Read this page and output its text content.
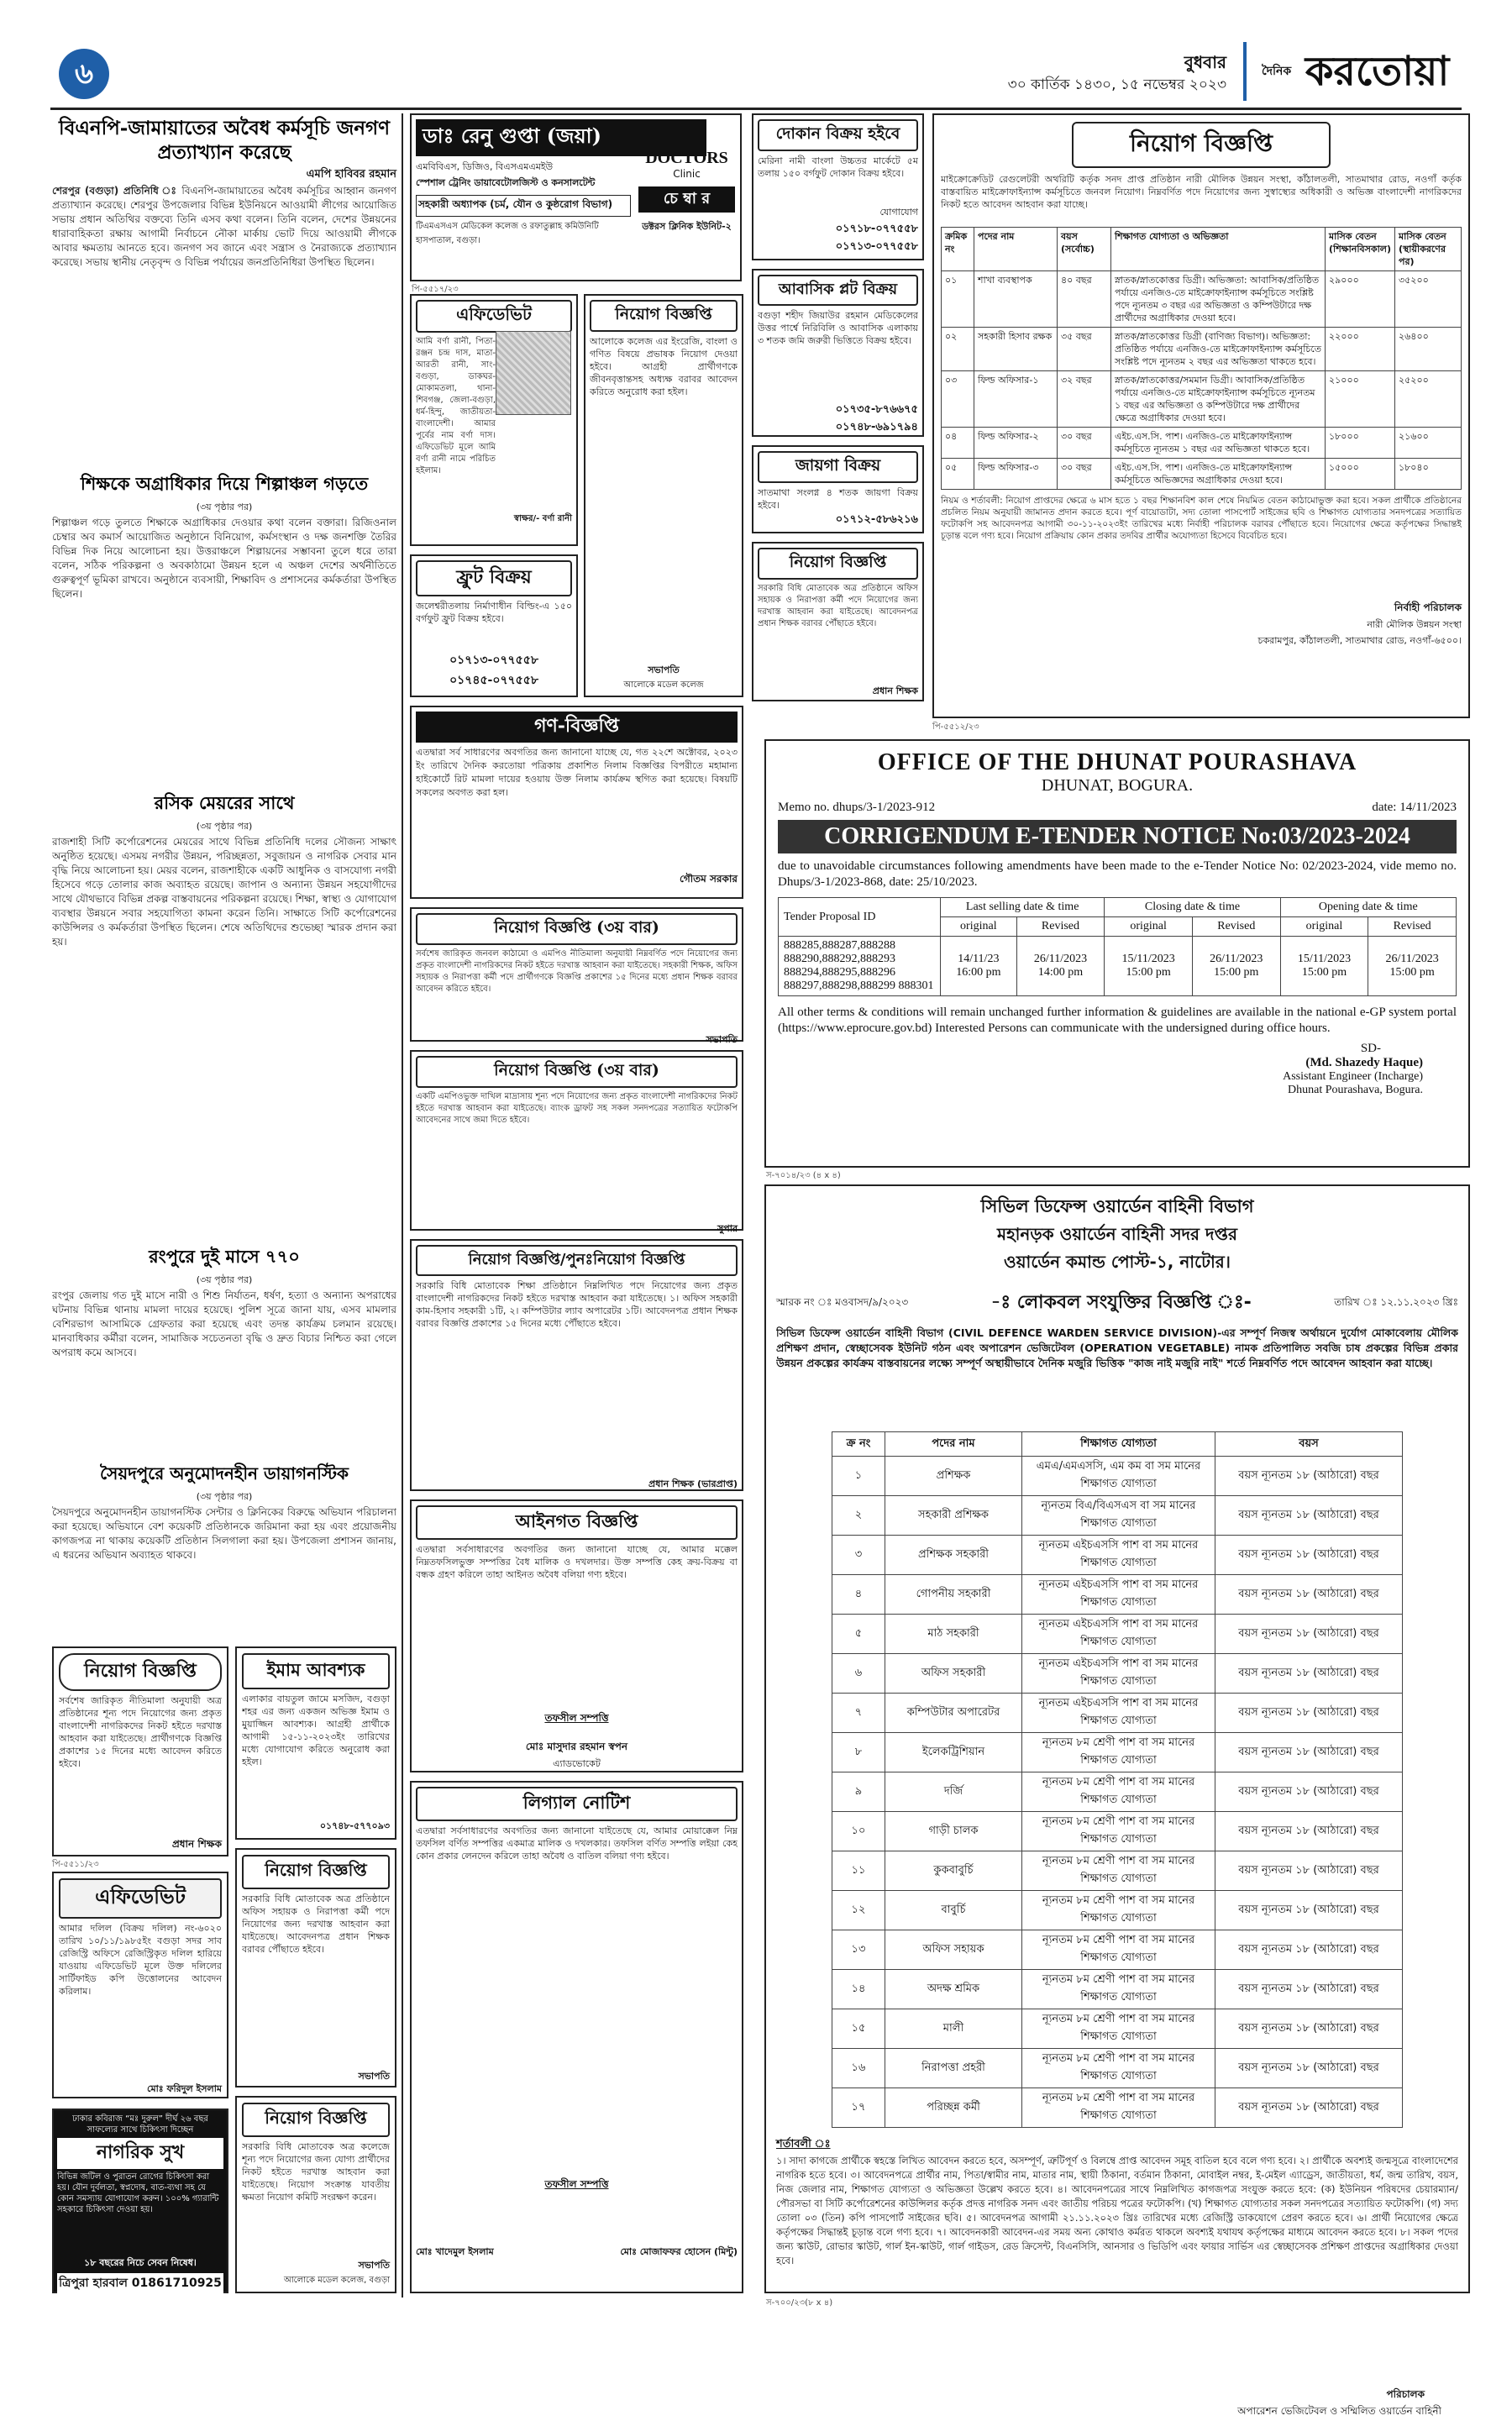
৬	বুধবার
৩০ কার্তিক ১৪৩০, ১৫ নভেম্বর ২০২৩
$^{দৈনিক}$ করতোয়া
বিএনপি-জামায়াতের অবৈধ কর্মসূচি জনগণ প্রত্যাখ্যান করেছে
এমপি হাবিবর রহমান
শেরপুর (বগুড়া) প্রতিনিধি ঃ বিএনপি-জামায়াতের অবৈধ কর্মসূচির আহ্বান জনগণ প্রত্যাখ্যান করেছে। শেরপুর উপজেলার বিভিন্ন ইউনিয়নে আওয়ামী লীগের আয়োজিত সভায় প্রধান অতিথির বক্তব্যে তিনি এসব কথা বলেন। তিনি বলেন, দেশের উন্নয়নের ধারাবাহিকতা রক্ষায় আগামী নির্বাচনে নৌকা মার্কায় ভোট দিয়ে আওয়ামী লীগকে আবার ক্ষমতায় আনতে হবে। জনগণ সব জানে এবং সন্ত্রাস ও নৈরাজ্যকে প্রত্যাখ্যান করেছে। সভায় স্থানীয় নেতৃবৃন্দ ও বিভিন্ন পর্যায়ের জনপ্রতিনিধিরা উপস্থিত ছিলেন।
শিক্ষকে অগ্রাধিকার দিয়ে শিল্পাঞ্চল গড়তে
(৩য় পৃষ্ঠার পর)
শিল্পাঞ্চল গড়ে তুলতে শিক্ষাকে অগ্রাধিকার দেওয়ার কথা বলেন বক্তারা। রিজিওনাল চেম্বার অব কমার্স আয়োজিত অনুষ্ঠানে বিনিয়োগ, কর্মসংস্থান ও দক্ষ জনশক্তি তৈরির বিভিন্ন দিক নিয়ে আলোচনা হয়। উত্তরাঞ্চলে শিল্পায়নের সম্ভাবনা তুলে ধরে তারা বলেন, সঠিক পরিকল্পনা ও অবকাঠামো উন্নয়ন হলে এ অঞ্চল দেশের অর্থনীতিতে গুরুত্বপূর্ণ ভূমিকা রাখবে। অনুষ্ঠানে ব্যবসায়ী, শিক্ষাবিদ ও প্রশাসনের কর্মকর্তারা উপস্থিত ছিলেন।
রসিক মেয়রের সাথে
(৩য় পৃষ্ঠার পর)
রাজশাহী সিটি কর্পোরেশনের মেয়রের সাথে বিভিন্ন প্রতিনিধি দলের সৌজন্য সাক্ষাৎ অনুষ্ঠিত হয়েছে। এসময় নগরীর উন্নয়ন, পরিচ্ছন্নতা, সবুজায়ন ও নাগরিক সেবার মান বৃদ্ধি নিয়ে আলোচনা হয়। মেয়র বলেন, রাজশাহীকে একটি আধুনিক ও বাসযোগ্য নগরী হিসেবে গড়ে তোলার কাজ অব্যাহত রয়েছে। জাপান ও অন্যান্য উন্নয়ন সহযোগীদের সাথে যৌথভাবে বিভিন্ন প্রকল্প বাস্তবায়নের পরিকল্পনা রয়েছে। শিক্ষা, স্বাস্থ্য ও যোগাযোগ ব্যবস্থার উন্নয়নে সবার সহযোগিতা কামনা করেন তিনি। সাক্ষাতে সিটি কর্পোরেশনের কাউন্সিলর ও কর্মকর্তারা উপস্থিত ছিলেন। শেষে অতিথিদের শুভেচ্ছা স্মারক প্রদান করা হয়।
রংপুরে দুই মাসে ৭৭০
(৩য় পৃষ্ঠার পর)
রংপুর জেলায় গত দুই মাসে নারী ও শিশু নির্যাতন, ধর্ষণ, হত্যা ও অন্যান্য অপরাধের ঘটনায় বিভিন্ন থানায় মামলা দায়ের হয়েছে। পুলিশ সূত্রে জানা যায়, এসব মামলার বেশিরভাগ আসামিকে গ্রেফতার করা হয়েছে এবং তদন্ত কার্যক্রম চলমান রয়েছে। মানবাধিকার কর্মীরা বলেন, সামাজিক সচেতনতা বৃদ্ধি ও দ্রুত বিচার নিশ্চিত করা গেলে অপরাধ কমে আসবে।
সৈয়দপুরে অনুমোদনহীন ডায়াগনস্টিক
(৩য় পৃষ্ঠার পর)
সৈয়দপুরে অনুমোদনহীন ডায়াগনস্টিক সেন্টার ও ক্লিনিকের বিরুদ্ধে অভিযান পরিচালনা করা হয়েছে। অভিযানে বেশ কয়েকটি প্রতিষ্ঠানকে জরিমানা করা হয় এবং প্রয়োজনীয় কাগজপত্র না থাকায় কয়েকটি প্রতিষ্ঠান সিলগালা করা হয়। উপজেলা প্রশাসন জানায়, এ ধরনের অভিযান অব্যাহত থাকবে।
নিয়োগ বিজ্ঞপ্তি
সর্বশেষ জারিকৃত নীতিমালা অনুযায়ী অত্র প্রতিষ্ঠানের শূন্য পদে নিয়োগের জন্য প্রকৃত বাংলাদেশী নাগরিকদের নিকট হইতে দরখাস্ত আহবান করা যাইতেছে। প্রার্থীগণকে বিজ্ঞপ্তি প্রকাশের ১৫ দিনের মধ্যে আবেদন করিতে হইবে।
প্রধান শিক্ষক
পি-৫৫১১/২৩
এফিডেভিট
আমার দলিল (বিক্রয় দলিল) নং-৬০২০ তারিখ ১০/১১/১৯৮৫ইং বগুড়া সদর সাব রেজিস্ট্রি অফিসে রেজিস্ট্রিকৃত দলিল হারিয়ে যাওয়ায় এফিডেভিট মূলে উক্ত দলিলের সার্টিফাইড কপি উত্তোলনের আবেদন করিলাম।
মোঃ ফরিদুল ইসলাম
ঢাকার কবিরাজ “মঃ দুরুল” দীর্ঘ ২৬ বছর সাফল্যের সাথে চিকিৎসা দিচ্ছেন
নাগরিক সুখ
বিভিন্ন জটিল ও পুরাতন রোগের চিকিৎসা করা হয়। যৌন দুর্বলতা, স্বপ্নদোষ, বাত-ব্যথা সহ যে কোন সমস্যায় যোগাযোগ করুন। ১০০% গ্যারান্টি সহকারে চিকিৎসা দেওয়া হয়।
১৮ বছরের নিচে সেবন নিষেধ।
ত্রিপুরা হারবাল 01861710925
ঢাকা, বাংলাদেশ
ইমাম আবশ্যক
এলাকার বায়তুল জামে মসজিদ, বগুড়া শহর এর জন্য একজন অভিজ্ঞ ইমাম ও মুয়াজ্জিন আবশ্যক। আগ্রহী প্রার্থীকে আগামী ১৫-১১-২০২৩ইং তারিখের মধ্যে যোগাযোগ করিতে অনুরোধ করা হইল।
০১৭৪৮-৫৭৭০৯৩
নিয়োগ বিজ্ঞপ্তি
সরকারি বিধি মোতাবেক অত্র প্রতিষ্ঠানে অফিস সহায়ক ও নিরাপত্তা কর্মী পদে নিয়োগের জন্য দরখাস্ত আহবান করা যাইতেছে। আবেদনপত্র প্রধান শিক্ষক বরাবর পৌঁছাতে হইবে।
সভাপতি
নিয়োগ বিজ্ঞপ্তি
সরকারি বিধি মোতাবেক অত্র কলেজে শূন্য পদে নিয়োগের জন্য যোগ্য প্রার্থীদের নিকট হইতে দরখাস্ত আহবান করা যাইতেছে। নিয়োগ সংক্রান্ত যাবতীয় ক্ষমতা নিয়োগ কমিটি সংরক্ষণ করেন।
সভাপতি
আলোকে মডেল কলেজ, বগুড়া
ডাঃ রেনু গুপ্তা (জয়া)
এমবিবিএস, ডিজিও, বিএসএমএমইউ
স্পেশাল ট্রেনিং ডায়াবেটোলজিস্ট ও কনসালটেন্ট
সহকারী অধ্যাপক (চর্ম, যৌন ও কুষ্ঠরোগ বিভাগ)
টিএমএসএস মেডিকেল কলেজ ও রফাতুল্লাহ কমিউনিটি হাসপাতাল, বগুড়া।
DOCTORS
Clinic
চে ম্বা র
ডক্টরস ক্লিনিক ইউনিট-২
পি-৫৫১৭/২৩
এফিডেভিট
আমি বর্ণা রানী, পিতা- রঞ্জন চন্দ্র দাস, মাতা- আরতী রানী, সাং-বগুড়া, ডাকঘর-মোকামতলা, থানা- শিবগঞ্জ, জেলা-বগুড়া, ধর্ম-হিন্দু, জাতীয়তা-বাংলাদেশী। আমার পূর্বের নাম বর্ণা দাস। এফিডেভিট মূলে আমি বর্ণা রানী নামে পরিচিত হইলাম।
স্বাক্ষর/- বর্ণা রানী
ফ্রুট বিক্রয়
জলেশ্বরীতলায় নির্মাণাধীন বিল্ডিং-এ ১৫০ বর্গফুট ফ্রুট বিক্রয় হইবে।
০১৭১৩-০৭৭৫৫৮
০১৭৪৫-০৭৭৫৫৮
নিয়োগ বিজ্ঞপ্তি
আলোকে কলেজ এর ইংরেজি, বাংলা ও গণিত বিষয়ে প্রভাষক নিয়োগ দেওয়া হইবে। আগ্রহী প্রার্থীগণকে জীবনবৃত্তান্তসহ অধ্যক্ষ বরাবর আবেদন করিতে অনুরোধ করা হইল।
সভাপতি
আলোকে মডেল কলেজ
গণ-বিজ্ঞপ্তি
এতদ্বারা সর্ব সাধারণের অবগতির জন্য জানানো যাচ্ছে যে, গত ২২শে অক্টোবর, ২০২৩ ইং তারিখে দৈনিক করতোয়া পত্রিকায় প্রকাশিত নিলাম বিজ্ঞপ্তির বিপরীতে মহামান্য হাইকোর্টে রিট মামলা দায়ের হওয়ায় উক্ত নিলাম কার্যক্রম স্থগিত করা হয়েছে। বিষয়টি সকলের অবগত করা হল।
গৌতম সরকার
নিয়োগ বিজ্ঞপ্তি (৩য় বার)
সর্বশেষ জারিকৃত জনবল কাঠামো ও এমপিও নীতিমালা অনুযায়ী নিম্নবর্ণিত পদে নিয়োগের জন্য প্রকৃত বাংলাদেশী নাগরিকদের নিকট হইতে দরখাস্ত আহবান করা যাইতেছে। সহকারী শিক্ষক, অফিস সহায়ক ও নিরাপত্তা কর্মী পদে প্রার্থীগণকে বিজ্ঞপ্তি প্রকাশের ১৫ দিনের মধ্যে প্রধান শিক্ষক বরাবর আবেদন করিতে হইবে।
সভাপতি
নিয়োগ বিজ্ঞপ্তি (৩য় বার)
একটি এমপিওভুক্ত দাখিল মাদ্রাসায় শূন্য পদে নিয়োগের জন্য প্রকৃত বাংলাদেশী নাগরিকদের নিকট হইতে দরখাস্ত আহবান করা যাইতেছে। ব্যাংক ড্রাফট সহ সকল সনদপত্রের সত্যায়িত ফটোকপি আবেদনের সাথে জমা দিতে হইবে।
সুপার
নিয়োগ বিজ্ঞপ্তি/পুনঃনিয়োগ বিজ্ঞপ্তি
সরকারি বিধি মোতাবেক শিক্ষা প্রতিষ্ঠানে নিম্নলিখিত পদে নিয়োগের জন্য প্রকৃত বাংলাদেশী নাগরিকদের নিকট হইতে দরখাস্ত আহবান করা যাইতেছে। ১। অফিস সহকারী কাম-হিসাব সহকারী ১টি, ২। কম্পিউটার ল্যাব অপারেটর ১টি। আবেদনপত্র প্রধান শিক্ষক বরাবর বিজ্ঞপ্তি প্রকাশের ১৫ দিনের মধ্যে পৌঁছাতে হইবে।
প্রধান শিক্ষক (ভারপ্রাপ্ত)
আইনগত বিজ্ঞপ্তি
এতদ্বারা সর্বসাধারণের অবগতির জন্য জানানো যাচ্ছে যে, আমার মক্কেল নিম্নতফসিলভুক্ত সম্পত্তির বৈধ মালিক ও দখলদার। উক্ত সম্পত্তি কেহ ক্রয়-বিক্রয় বা বন্ধক গ্রহণ করিলে তাহা আইনত অবৈধ বলিয়া গণ্য হইবে।
তফসীল সম্পত্তি
মোঃ মাসুদার রহমান স্বপন
এ্যাডভোকেট
লিগ্যাল নোটিশ
এতদ্বারা সর্বসাধারণের অবগতির জন্য জানানো যাইতেছে যে, আমার মোয়াক্কেল নিম্ন তফসিল বর্ণিত সম্পত্তির একমাত্র মালিক ও দখলকার। তফসিল বর্ণিত সম্পত্তি লইয়া কেহ কোন প্রকার লেনদেন করিলে তাহা অবৈধ ও বাতিল বলিয়া গণ্য হইবে।
তফসীল সম্পত্তি
মোঃ খাদেমুল ইসলাম	মোঃ মোজাফফর হোসেন (মিন্টু)
দোকান বিক্রয় হইবে
মেরিনা নামী বাংলা উচ্চতর মার্কেটে ৫ম তলায় ১৫০ বর্গফুট দোকান বিক্রয় হইবে।
যোগাযোগ
০১৭১৮-০৭৭৫৫৮
০১৭১৩-০৭৭৫৫৮
আবাসিক প্লট বিক্রয়
বগুড়া শহীদ জিয়াউর রহমান মেডিকেলের উত্তর পার্শ্বে নিরিবিলি ও আবাসিক এলাকায় ৩ শতক জমি জরুরী ভিত্তিতে বিক্রয় হইবে।
০১৭৩৫-৮৭৬৬৭৫
০১৭৪৮-৬৯১৭৯৪
জায়গা বিক্রয়
সাতমাথা সংলগ্ন ৪ শতক জায়গা বিক্রয় হইবে।
০১৭১২-৫৮৬২১৬
নিয়োগ বিজ্ঞপ্তি
সরকারি বিধি মোতাবেক অত্র প্রতিষ্ঠানে অফিস সহায়ক ও নিরাপত্তা কর্মী পদে নিয়োগের জন্য দরখাস্ত আহবান করা যাইতেছে। আবেদনপত্র প্রধান শিক্ষক বরাবর পৌঁছাতে হইবে।
প্রধান শিক্ষক
নিয়োগ বিজ্ঞপ্তি
মাইক্রোক্রেডিট রেগুলেটরী অথরিটি কর্তৃক সনদ প্রাপ্ত প্রতিষ্ঠান নারী মৌলিক উন্নয়ন সংস্থা, কাঁঠালতলী, সাতমাথার রোড, নওগাঁ কর্তৃক বাস্তবায়িত মাইক্রোফাইন্যান্স কর্মসূচিতে জনবল নিয়োগ। নিম্নবর্ণিত পদে নিয়োগের জন্য সুস্বাস্থ্যের অধিকারী ও অভিজ্ঞ বাংলাদেশী নাগরিকদের নিকট হতে আবেদন আহবান করা যাচ্ছে।
ক্রমিক নং	পদের নাম	বয়স (সর্বোচ্চ)	শিক্ষাগত যোগ্যতা ও অভিজ্ঞতা	মাসিক বেতন (শিক্ষানবিসকাল)	মাসিক বেতন (স্থায়ীকরণের পর)
০১	শাখা ব্যবস্থাপক	৪০ বছর	স্নাতক/স্নাতকোত্তর ডিগ্রী। অভিজ্ঞতা: আবাসিক/প্রতিষ্ঠিত পর্যায়ে এনজিও-তে মাইক্রোফাইন্যান্স কর্মসূচিতে সংশ্লিষ্ট পদে ন্যূনতম ৩ বছর এর অভিজ্ঞতা ও কম্পিউটারে দক্ষ প্রার্থীদের অগ্রাধিকার দেওয়া হবে।	২৯০০০	৩৫২০০
০২	সহকারী হিসাব রক্ষক	৩৫ বছর	স্নাতক/স্নাতকোত্তর ডিগ্রী (বাণিজ্য বিভাগ)। অভিজ্ঞতা: প্রতিষ্ঠিত পর্যায়ে এনজিও-তে মাইক্রোফাইন্যান্স কর্মসূচিতে সংশ্লিষ্ট পদে ন্যূনতম ২ বছর এর অভিজ্ঞতা থাকতে হবে।	২২০০০	২৬৪০০
০৩	ফিল্ড অফিসার-১	৩২ বছর	স্নাতক/স্নাতকোত্তর/সমমান ডিগ্রী। আবাসিক/প্রতিষ্ঠিত পর্যায়ে এনজিও-তে মাইক্রোফাইন্যান্স কর্মসূচিতে ন্যূনতম ১ বছর এর অভিজ্ঞতা ও কম্পিউটারে দক্ষ প্রার্থীদের ক্ষেত্রে অগ্রাধিকার দেওয়া হবে।	২১০০০	২৫২০০
০৪	ফিল্ড অফিসার-২	৩০ বছর	এইচ.এস.সি. পাশ। এনজিও-তে মাইক্রোফাইন্যান্স কর্মসূচিতে ন্যূনতম ১ বছর এর অভিজ্ঞতা থাকতে হবে।	১৮০০০	২১৬০০
০৫	ফিল্ড অফিসার-৩	৩০ বছর	এইচ.এস.সি. পাশ। এনজিও-তে মাইক্রোফাইন্যান্স কর্মসূচিতে অভিজ্ঞদের অগ্রাধিকার দেওয়া হবে।	১৫০০০	১৮০৪০
নিয়ম ও শর্তাবলী: নিয়োগ প্রাপ্তদের ক্ষেত্রে ৬ মাস হতে ১ বছর শিক্ষানবিশ কাল শেষে নিয়মিত বেতন কাঠামোভুক্ত করা হবে। সকল প্রার্থীকে প্রতিষ্ঠানের প্রচলিত নিয়ম অনুযায়ী জামানত প্রদান করতে হবে। পূর্ণ বায়োডাটা, সদ্য তোলা পাসপোর্ট সাইজের ছবি ও শিক্ষাগত যোগ্যতার সনদপত্রের সত্যায়িত ফটোকপি সহ আবেদনপত্র আগামী ৩০-১১-২০২৩ইং তারিখের মধ্যে নির্বাহী পরিচালক বরাবর পৌঁছাতে হবে। নিয়োগের ক্ষেত্রে কর্তৃপক্ষের সিদ্ধান্তই চূড়ান্ত বলে গণ্য হবে। নিয়োগ প্রক্রিয়ায় কোন প্রকার তদবির প্রার্থীর অযোগ্যতা হিসেবে বিবেচিত হবে।
নির্বাহী পরিচালক
নারী মৌলিক উন্নয়ন সংস্থা
চকরামপুর, কাঁঠালতলী, সাতমাথার রোড, নওগাঁ-৬৫০০।
পি-৫৫১২/২৩
OFFICE OF THE DHUNAT POURASHAVA
DHUNAT, BOGURA.
Memo no. dhups/3-1/2023-912	date: 14/11/2023
CORRIGENDUM E-TENDER NOTICE No:03/2023-2024
due to unavoidable circumstances following amendments have been made to the e-Tender Notice No: 02/2023-2024, vide memo no. Dhups/3-1/2023-868, date: 25/10/2023.
Tender Proposal ID	Last selling date & time		Closing date & time		Opening date & time	
	original	Revised	original	Revised	original	Revised
888285,888287,888288 888290,888292,888293 888294,888295,888296 888297,888298,888299 888301	14/11/23 16:00 pm	26/11/2023 14:00 pm	15/11/2023 15:00 pm	26/11/2023 15:00 pm	15/11/2023 15:00 pm	26/11/2023 15:00 pm
All other terms & conditions will remain unchanged further information & guidelines are available in the national e-GP system portal (https://www.eprocure.gov.bd) Interested Persons can communicate with the undersigned during office hours.
SD-
(Md. Shazedy Haque)
Assistant Engineer (Incharge)
Dhunat Pourashava, Bogura.
স-৭০১৪/২৩ (৪ x ৪)
সিভিল ডিফেন্স ওয়ার্ডেন বাহিনী বিভাগ
মহানড়ক ওয়ার্ডেন বাহিনী সদর দপ্তর
ওয়ার্ডেন কমান্ড পোস্ট-১, নাটোর।
স্মারক নং ঃ মওবাসদ/৯/২০২৩	-ঃ লোকবল সংযুক্তির বিজ্ঞপ্তি ঃ-	তারিখ ঃ ১২.১১.২০২৩ খ্রিঃ
সিভিল ডিফেন্স ওয়ার্ডেন বাহিনী বিভাগ (CIVIL DEFENCE WARDEN SERVICE DIVISION)-এর সম্পূর্ণ নিজস্ব অর্থায়নে দুর্যোগ মোকাবেলায় মৌলিক প্রশিক্ষণ প্রদান, স্বেচ্ছাসেবক ইউনিট গঠন এবং অপারেশন ভেজিটেবল (OPERATION VEGETABLE) নামক প্রতিপালিত সবজি চাষ প্রকল্পের বিভিন্ন প্রকার উন্নয়ন প্রকল্পের কার্যক্রম বাস্তবায়নের লক্ষ্যে সম্পূর্ণ অস্থায়ীভাবে দৈনিক মজুরি ভিত্তিক "কাজ নাই মজুরি নাই" শর্তে নিম্নবর্ণিত পদে আবেদন আহবান করা যাচ্ছে।
ক্র নং	পদের নাম	শিক্ষাগত যোগ্যতা	বয়স
১	প্রশিক্ষক	এমএ/এমএসসি, এম কম বা সম মানের শিক্ষাগত যোগ্যতা	বয়স ন্যূনতম ১৮ (আঠারো) বছর
২	সহকারী প্রশিক্ষক	ন্যূনতম বিএ/বিএসএস বা সম মানের শিক্ষাগত যোগ্যতা	বয়স ন্যূনতম ১৮ (আঠারো) বছর
৩	প্রশিক্ষক সহকারী	ন্যূনতম এইচএসসি পাশ বা সম মানের শিক্ষাগত যোগ্যতা	বয়স ন্যূনতম ১৮ (আঠারো) বছর
৪	গোপনীয় সহকারী	ন্যূনতম এইচএসসি পাশ বা সম মানের শিক্ষাগত যোগ্যতা	বয়স ন্যূনতম ১৮ (আঠারো) বছর
৫	মাঠ সহকারী	ন্যূনতম এইচএসসি পাশ বা সম মানের শিক্ষাগত যোগ্যতা	বয়স ন্যূনতম ১৮ (আঠারো) বছর
৬	অফিস সহকারী	ন্যূনতম এইচএসসি পাশ বা সম মানের শিক্ষাগত যোগ্যতা	বয়স ন্যূনতম ১৮ (আঠারো) বছর
৭	কম্পিউটার অপারেটর	ন্যূনতম এইচএসসি পাশ বা সম মানের শিক্ষাগত যোগ্যতা	বয়স ন্যূনতম ১৮ (আঠারো) বছর
৮	ইলেকট্রিশিয়ান	ন্যূনতম ৮ম শ্রেণী পাশ বা সম মানের শিক্ষাগত যোগ্যতা	বয়স ন্যূনতম ১৮ (আঠারো) বছর
৯	দর্জি	ন্যূনতম ৮ম শ্রেণী পাশ বা সম মানের শিক্ষাগত যোগ্যতা	বয়স ন্যূনতম ১৮ (আঠারো) বছর
১০	গাড়ী চালক	ন্যূনতম ৮ম শ্রেণী পাশ বা সম মানের শিক্ষাগত যোগ্যতা	বয়স ন্যূনতম ১৮ (আঠারো) বছর
১১	কুকবাবুর্চি	ন্যূনতম ৮ম শ্রেণী পাশ বা সম মানের শিক্ষাগত যোগ্যতা	বয়স ন্যূনতম ১৮ (আঠারো) বছর
১২	বাবুর্চি	ন্যূনতম ৮ম শ্রেণী পাশ বা সম মানের শিক্ষাগত যোগ্যতা	বয়স ন্যূনতম ১৮ (আঠারো) বছর
১৩	অফিস সহায়ক	ন্যূনতম ৮ম শ্রেণী পাশ বা সম মানের শিক্ষাগত যোগ্যতা	বয়স ন্যূনতম ১৮ (আঠারো) বছর
১৪	অদক্ষ শ্রমিক	ন্যূনতম ৮ম শ্রেণী পাশ বা সম মানের শিক্ষাগত যোগ্যতা	বয়স ন্যূনতম ১৮ (আঠারো) বছর
১৫	মালী	ন্যূনতম ৮ম শ্রেণী পাশ বা সম মানের শিক্ষাগত যোগ্যতা	বয়স ন্যূনতম ১৮ (আঠারো) বছর
১৬	নিরাপত্তা প্রহরী	ন্যূনতম ৮ম শ্রেণী পাশ বা সম মানের শিক্ষাগত যোগ্যতা	বয়স ন্যূনতম ১৮ (আঠারো) বছর
১৭	পরিচ্ছন্ন কর্মী	ন্যূনতম ৮ম শ্রেণী পাশ বা সম মানের শিক্ষাগত যোগ্যতা	বয়স ন্যূনতম ১৮ (আঠারো) বছর
শর্তাবলী ঃ
১। সাদা কাগজে প্রার্থীকে স্বহস্তে লিখিত আবেদন করতে হবে, অসম্পূর্ণ, ত্রুটিপূর্ণ ও বিলম্বে প্রাপ্ত আবেদন সমূহ বাতিল হবে বলে গণ্য হবে। ২। প্রার্থীকে অবশ্যই জন্মসূত্রে বাংলাদেশের নাগরিক হতে হবে। ৩। আবেদনপত্রে প্রার্থীর নাম, পিতা/স্বামীর নাম, মাতার নাম, স্থায়ী ঠিকানা, বর্তমান ঠিকানা, মোবাইল নম্বর, ই-মেইল এ্যাড্রেস, জাতীয়তা, ধর্ম, জন্ম তারিখ, বয়স, নিজ জেলার নাম, শিক্ষাগত যোগ্যতা ও অভিজ্ঞতা উল্লেখ করতে হবে। ৪। আবেদনপত্রের সাথে নিম্নলিখিত কাগজপত্র সংযুক্ত করতে হবে: (ক) ইউনিয়ন পরিষদের চেয়ারম্যান/পৌরসভা বা সিটি কর্পোরেশনের কাউন্সিলর কর্তৃক প্রদত্ত নাগরিক সনদ এবং জাতীয় পরিচয় পত্রের ফটোকপি। (খ) শিক্ষাগত যোগ্যতার সকল সনদপত্রের সত্যায়িত ফটোকপি। (গ) সদ্য তোলা ০৩ (তিন) কপি পাসপোর্ট সাইজের ছবি। ৫। আবেদনপত্র আগামী ২১.১১.২০২৩ খ্রিঃ তারিখের মধ্যে রেজিস্ট্রি ডাকযোগে প্রেরণ করতে হবে। ৬। প্রার্থী নিয়োগের ক্ষেত্রে কর্তৃপক্ষের সিদ্ধান্তই চূড়ান্ত বলে গণ্য হবে। ৭। আবেদনকারী আবেদন-এর সময় অন্য কোথাও কর্মরত থাকলে অবশ্যই যথাযথ কর্তৃপক্ষের মাধ্যমে আবেদন করতে হবে। ৮। সকল পদের জন্য স্কাউট, রোভার স্কাউট, গার্ল ইন-স্কাউট, গার্ল গাইডস, রেড ক্রিসেন্ট, বিএনসিসি, আনসার ও ভিডিপি এবং ফায়ার সার্ভিস এর স্বেচ্ছাসেবক প্রশিক্ষণ প্রাপ্তদের অগ্রাধিকার দেওয়া হবে।
পরিচালক
অপারেশন ভেজিটেবল ও সম্মিলিত ওয়ার্ডেন বাহিনী
স-৭০০/২৩(৮ x ৪)
